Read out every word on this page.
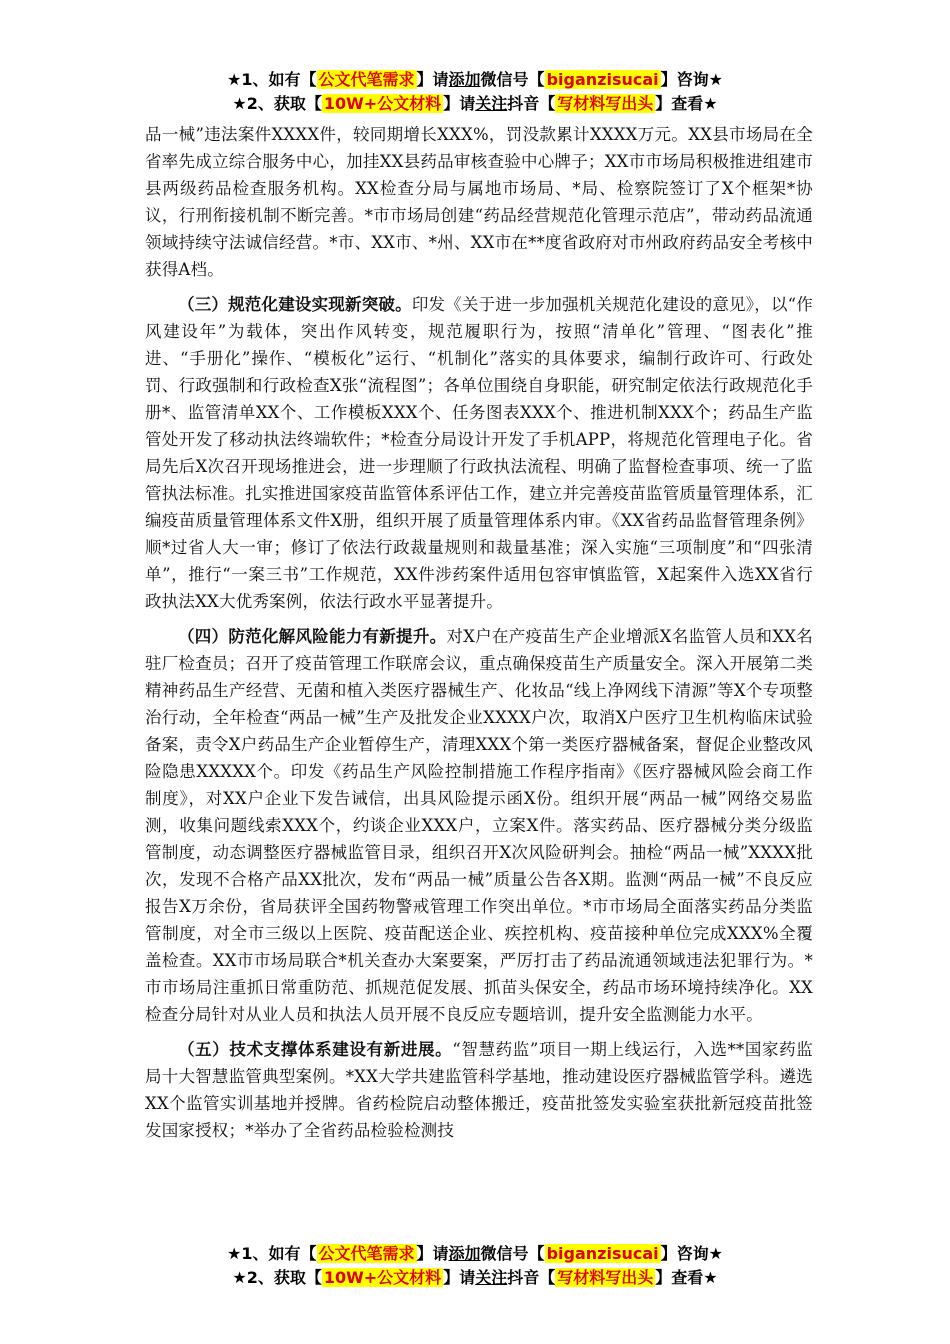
★1、如有【 公文代笔需求 】请添加微信号【 biganzisucai 】咨询★
★2、获取【 10W+公文材料 】请关注抖音【 写材料写出头 】查看★

品一械”违法案件XXXX件，较同期增长XXX%，罚没款累计XXXX万元。XX县市场局在全省率先成立综合服务中心，加挂XX县药品审核查验中心牌子；XX市市场局积极推进组建市县两级药品检查服务机构。XX检查分局与属地市场局、*局、检察院签订了X个框架*协议，行刑衔接机制不断完善。*市市场局创建“药品经营规范化管理示范店”，带动药品流通领域持续守法诚信经营。*市、XX市、*州、XX市在**度省政府对市州政府药品安全考核中获得A档。

（三）规范化建设实现新突破。印发《关于进一步加强机关规范化建设的意见》，以“作风建设年”为载体，突出作风转变，规范履职行为，按照“清单化”管理、“图表化”推进、“手册化”操作、“模板化”运行、“机制化”落实的具体要求，编制行政许可、行政处罚、行政强制和行政检查X张“流程图”；各单位围绕自身职能，研究制定依法行政规范化手册*、监管清单XX个、工作模板XXX个、任务图表XXX个、推进机制XXX个；药品生产监管处开发了移动执法终端软件；*检查分局设计开发了手机APP，将规范化管理电子化。省局先后X次召开现场推进会，进一步理顺了行政执法流程、明确了监督检查事项、统一了监管执法标准。扎实推进国家疫苗监管体系评估工作，建立并完善疫苗监管质量管理体系，汇编疫苗质量管理体系文件X册，组织开展了质量管理体系内审。《XX省药品监督管理条例》顺*过省人大一审；修订了依法行政裁量规则和裁量基准；深入实施“三项制度”和“四张清单”，推行“一案三书”工作规范，XX件涉药案件适用包容审慎监管，X起案件入选XX省行政执法XX大优秀案例，依法行政水平显著提升。

（四）防范化解风险能力有新提升。对X户在产疫苗生产企业增派X名监管人员和XX名驻厂检查员；召开了疫苗管理工作联席会议，重点确保疫苗生产质量安全。深入开展第二类精神药品生产经营、无菌和植入类医疗器械生产、化妆品“线上净网线下清源”等X个专项整治行动，全年检查“两品一械”生产及批发企业XXXX户次，取消X户医疗卫生机构临床试验备案，责令X户药品生产企业暂停生产，清理XXX个第一类医疗器械备案，督促企业整改风险隐患XXXXX个。印发《药品生产风险控制措施工作程序指南》《医疗器械风险会商工作制度》，对XX户企业下发告诫信，出具风险提示函X份。组织开展“两品一械”网络交易监测，收集问题线索XXX个，约谈企业XXX户，立案X件。落实药品、医疗器械分类分级监管制度，动态调整医疗器械监管目录，组织召开X次风险研判会。抽检“两品一械”XXXX批次，发现不合格产品XX批次，发布“两品一械”质量公告各X期。监测“两品一械”不良反应报告X万余份，省局获评全国药物警戒管理工作突出单位。*市市场局全面落实药品分类监管制度，对全市三级以上医院、疫苗配送企业、疾控机构、疫苗接种单位完成XXX%全覆盖检查。XX市市场局联合*机关查办大案要案，严厉打击了药品流通领域违法犯罪行为。*市市场局注重抓日常重防范、抓规范促发展、抓苗头保安全，药品市场环境持续净化。XX检查分局针对从业人员和执法人员开展不良反应专题培训，提升安全监测能力水平。

（五）技术支撑体系建设有新进展。“智慧药监”项目一期上线运行，入选**国家药监局十大智慧监管典型案例。*XX大学共建监管科学基地，推动建设医疗器械监管学科。遴选XX个监管实训基地并授牌。省药检院启动整体搬迁，疫苗批签发实验室获批新冠疫苗批签发国家授权；*举办了全省药品检验检测技

★1、如有【 公文代笔需求 】请添加微信号【 biganzisucai 】咨询★
★2、获取【 10W+公文材料 】请关注抖音【 写材料写出头 】查看★
